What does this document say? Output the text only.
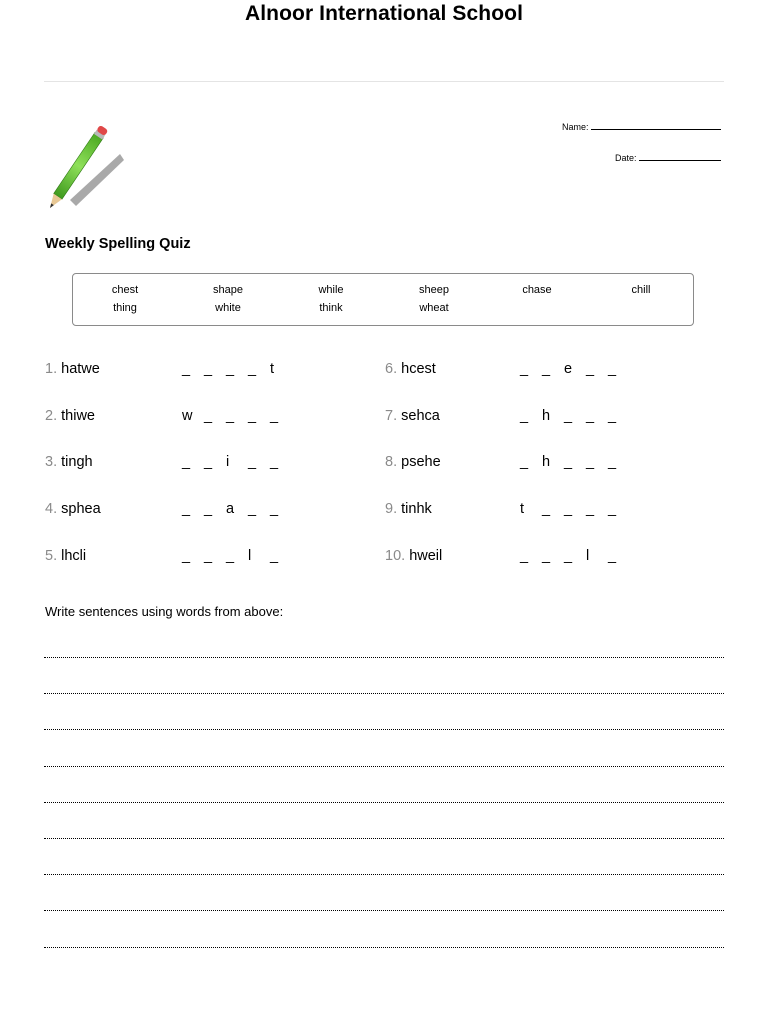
Alnoor International School
Name:
Date:
Weekly Spelling Quiz
chest	shape	while	sheep	chase	chill
thing	white	think	wheat
1. hatwe	_ _ _ _ t
2. thiwe	w _ _ _ _
3. tingh	_ _ i _ _
4. sphea	_ _ a _ _
5. lhcli	_ _ _ l _
6. hcest	_ _ e _ _
7. sehca	_ h _ _ _
8. psehe	_ h _ _ _
9. tinhk	t _ _ _ _
10. hweil	_ _ _ l _
Write sentences using words from above:
